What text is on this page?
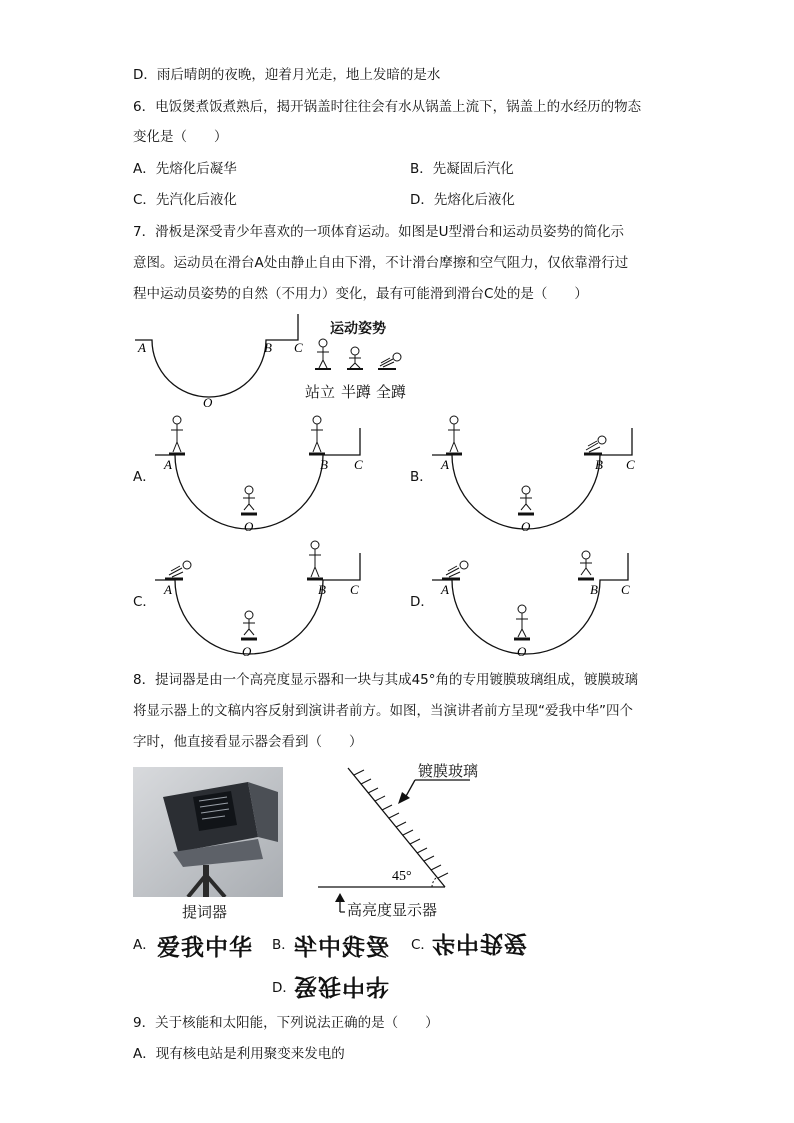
D．雨后晴朗的夜晚，迎着月光走，地上发暗的是水
6．电饭煲煮饭煮熟后，揭开锅盖时往往会有水从锅盖上流下，锅盖上的水经历的物态
变化是（　　）
A．先熔化后凝华	B．先凝固后汽化
C．先汽化后液化	D．先熔化后液化
7．滑板是深受青少年喜欢的一项体育运动。如图是U型滑台和运动员姿势的简化示
意图。运动员在滑台A处由静止自由下滑，不计滑台摩擦和空气阻力，仅依靠滑行过
程中运动员姿势的自然（不用力）变化，最有可能滑到滑台C处的是（　　）
A	B C
O
运动姿势
站立 半蹲 全蹲
A．	B．
C．	D．
A	B C
O
A	B C
O
A	B C
O
A	B C
O
8．提词器是由一个高亮度显示器和一块与其成45°角的专用镀膜玻璃组成，镀膜玻璃
将显示器上的文稿内容反射到演讲者前方。如图，当演讲者前方呈现“爱我中华”四个
字时，他直接看显示器会看到（　　）
提词器
45°
镀膜玻璃
高亮度显示器
A． 爱我中华 B．
爱我中华 C．
华中我爱
D．
华中我爱
9．关于核能和太阳能，下列说法正确的是（　　）
A．现有核电站是利用聚变来发电的
